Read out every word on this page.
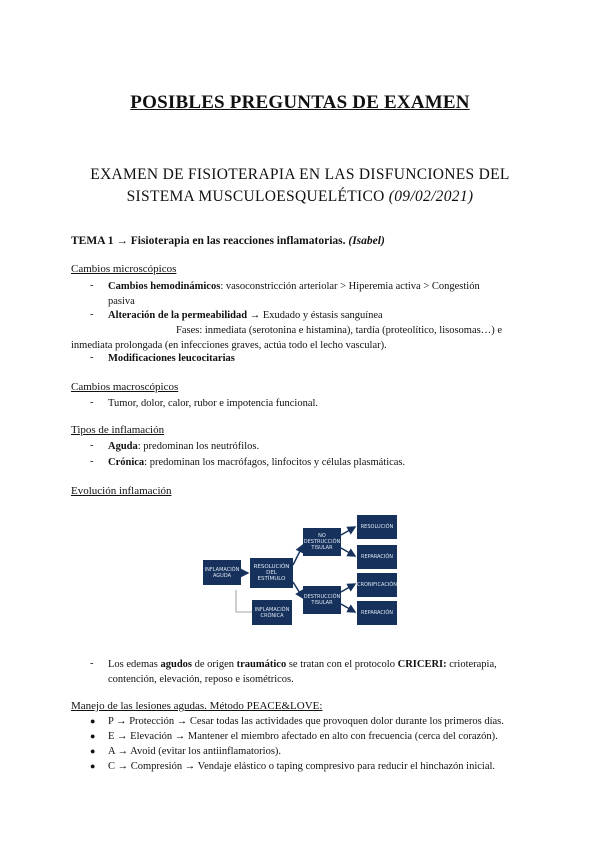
POSIBLES PREGUNTAS DE EXAMEN
EXAMEN DE FISIOTERAPIA EN LAS DISFUNCIONES DEL
SISTEMA MUSCULOESQUELÉTICO (09/02/2021)
TEMA 1 → Fisioterapia en las reacciones inflamatorias. (Isabel)
Cambios microscópicos
- Cambios hemodinámicos: vasoconstricción arteriolar > Hiperemia activa > Congestión
pasiva
- Alteración de la permeabilidad → Exudado y éstasis sanguínea
Fases: inmediata (serotonina e histamina), tardía (proteolítico, lisosomas…) e
inmediata prolongada (en infecciones graves, actúa todo el lecho vascular).
- Modificaciones leucocitarias
Cambios macroscópicos
- Tumor, dolor, calor, rubor e impotencia funcional.
Tipos de inflamación
- Aguda: predominan los neutrófilos.
- Crónica: predominan los macrófagos, linfocitos y células plasmáticas.
Evolución inflamación
INFLAMACIÓN AGUDA
RESOLUCIÓN DEL ESTÍMULO
NO DESTRUCCIÓN TISULAR
DESTRUCCIÓN TISULAR
RESOLUCIÓN
REPARACIÓN
CRONIFICACIÓN
REPARACIÓN
INFLAMACIÓN CRÓNICA
- Los edemas agudos de origen traumático se tratan con el protocolo CRICERI: crioterapia,
contención, elevación, reposo e isométricos.
Manejo de las lesiones agudas. Método PEACE&LOVE:
● P → Protección → Cesar todas las actividades que provoquen dolor durante los primeros días.
● E → Elevación → Mantener el miembro afectado en alto con frecuencia (cerca del corazón).
● A → Avoid (evitar los antiinflamatorios).
● C → Compresión → Vendaje elástico o taping compresivo para reducir el hinchazón inicial.
